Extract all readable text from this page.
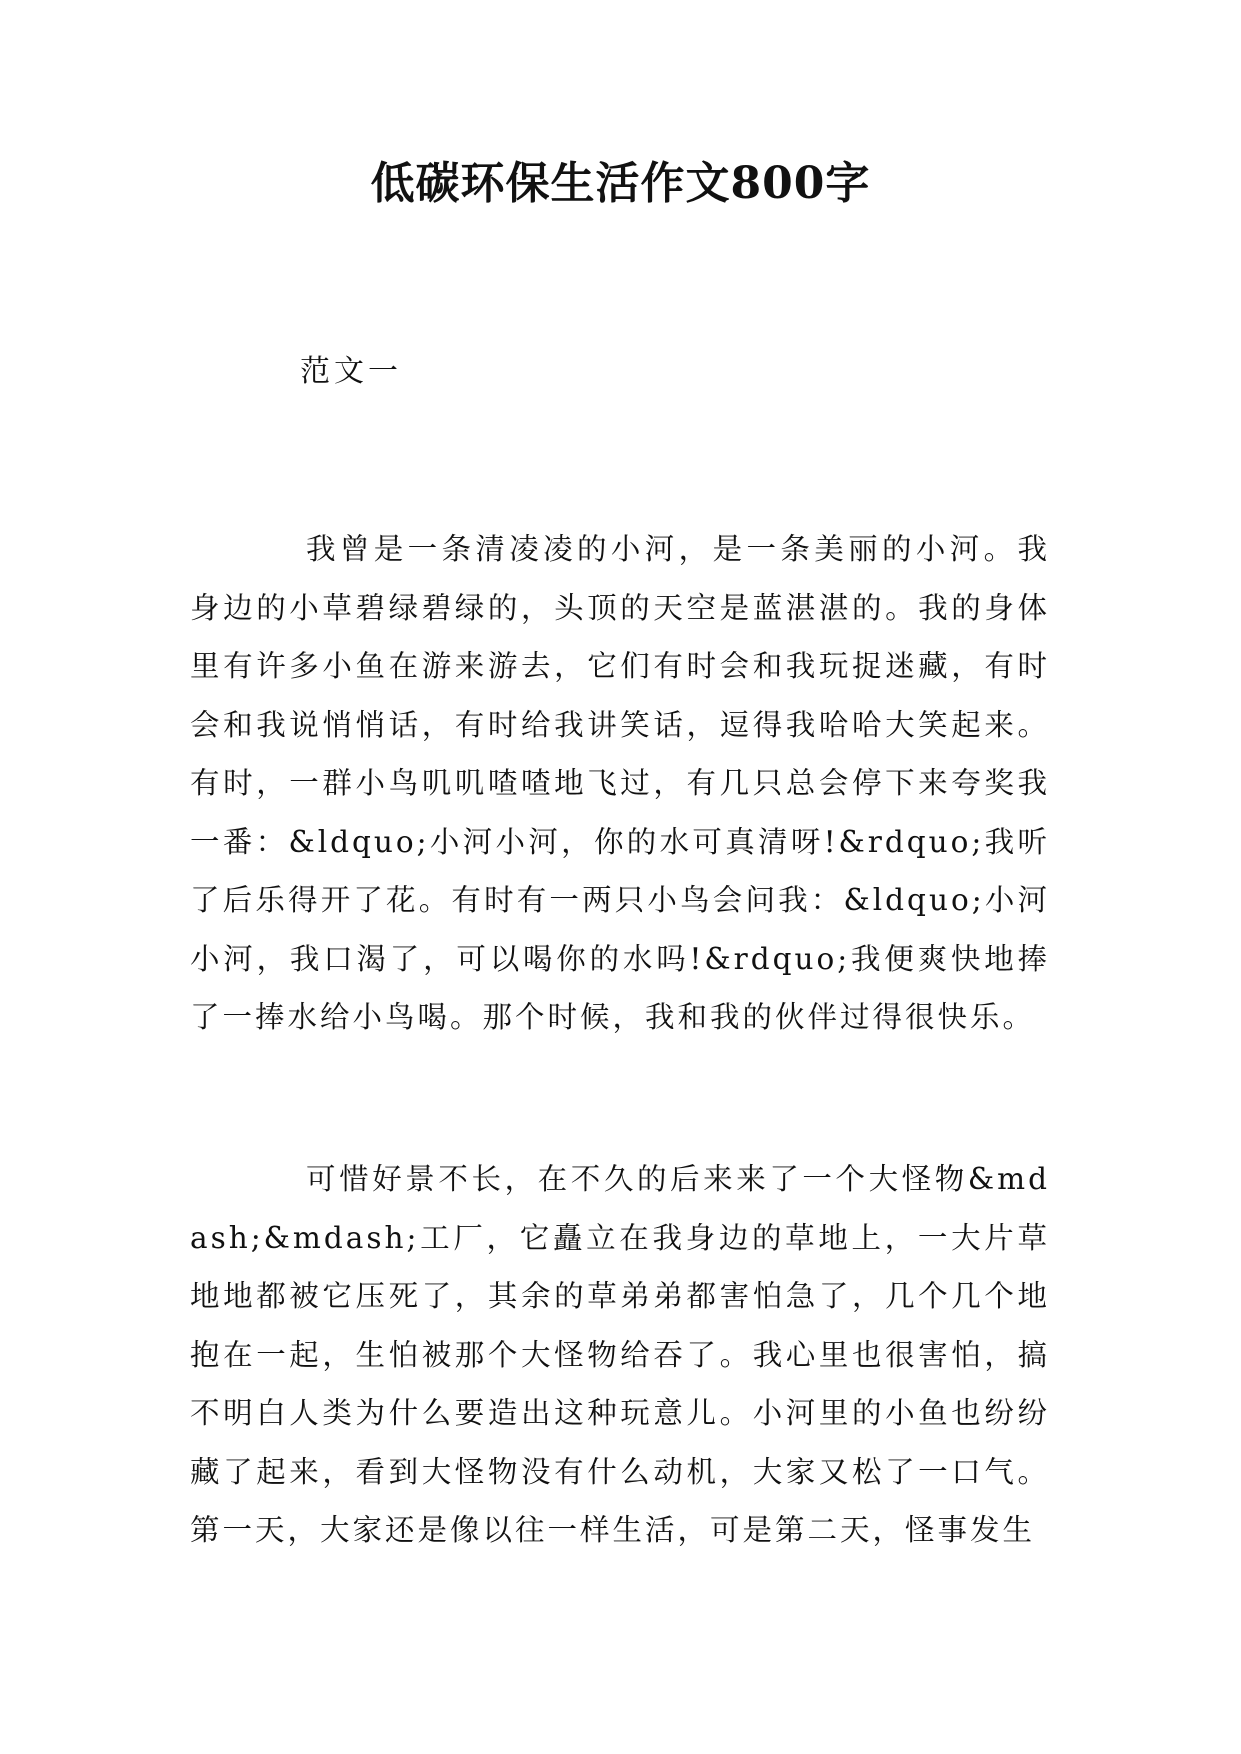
低碳环保生活作文800字

范文一

我曾是一条清凌凌的小河，是一条美丽的小河。我身边的小草碧绿碧绿的，头顶的天空是蓝湛湛的。我的身体里有许多小鱼在游来游去，它们有时会和我玩捉迷藏，有时会和我说悄悄话，有时给我讲笑话，逗得我哈哈大笑起来。有时，一群小鸟叽叽喳喳地飞过，有几只总会停下来夸奖我一番：&ldquo;小河小河，你的水可真清呀!&rdquo;我听了后乐得开了花。有时有一两只小鸟会问我：&ldquo;小河小河，我口渴了，可以喝你的水吗!&rdquo;我便爽快地捧了一捧水给小鸟喝。那个时候，我和我的伙伴过得很快乐。

可惜好景不长，在不久的后来来了一个大怪物&mdash;&mdash;工厂，它矗立在我身边的草地上，一大片草地地都被它压死了，其余的草弟弟都害怕急了，几个几个地抱在一起，生怕被那个大怪物给吞了。我心里也很害怕，搞不明白人类为什么要造出这种玩意儿。小河里的小鱼也纷纷藏了起来，看到大怪物没有什么动机，大家又松了一口气。第一天，大家还是像以往一样生活，可是第二天，怪事发生
